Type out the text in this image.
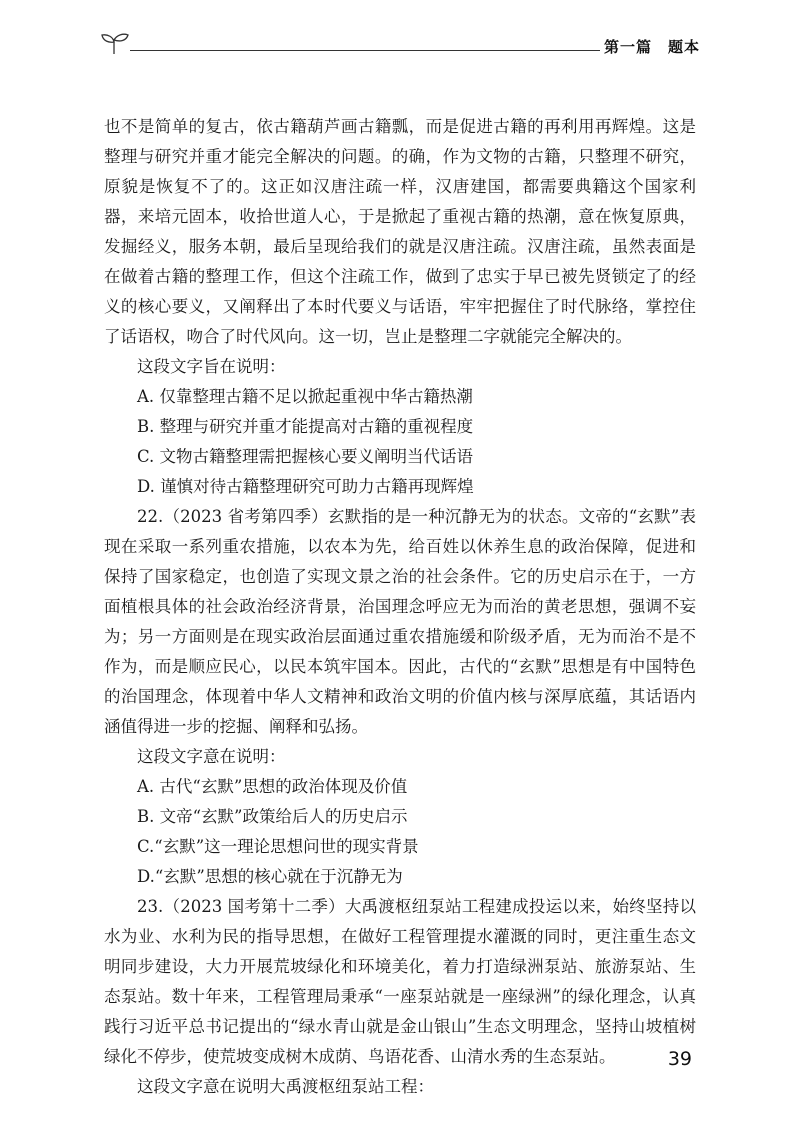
第一篇　题本

也不是简单的复古，依古籍葫芦画古籍瓢，而是促进古籍的再利用再辉煌。这是整理与研究并重才能完全解决的问题。的确，作为文物的古籍，只整理不研究，原貌是恢复不了的。这正如汉唐注疏一样，汉唐建国，都需要典籍这个国家利器，来培元固本，收拾世道人心，于是掀起了重视古籍的热潮，意在恢复原典，发掘经义，服务本朝，最后呈现给我们的就是汉唐注疏。汉唐注疏，虽然表面是在做着古籍的整理工作，但这个注疏工作，做到了忠实于早已被先贤锁定了的经义的核心要义，又阐释出了本时代要义与话语，牢牢把握住了时代脉络，掌控住了话语权，吻合了时代风向。这一切，岂止是整理二字就能完全解决的。

这段文字旨在说明：

A. 仅靠整理古籍不足以掀起重视中华古籍热潮

B. 整理与研究并重才能提高对古籍的重视程度

C. 文物古籍整理需把握核心要义阐明当代话语

D. 谨慎对待古籍整理研究可助力古籍再现辉煌

22.（2023 省考第四季）玄默指的是一种沉静无为的状态。文帝的“玄默”表现在采取一系列重农措施，以农本为先，给百姓以休养生息的政治保障，促进和保持了国家稳定，也创造了实现文景之治的社会条件。它的历史启示在于，一方面植根具体的社会政治经济背景，治国理念呼应无为而治的黄老思想，强调不妄为；另一方面则是在现实政治层面通过重农措施缓和阶级矛盾，无为而治不是不作为，而是顺应民心，以民本筑牢国本。因此，古代的“玄默”思想是有中国特色的治国理念，体现着中华人文精神和政治文明的价值内核与深厚底蕴，其话语内涵值得进一步的挖掘、阐释和弘扬。

这段文字意在说明：

A. 古代“玄默”思想的政治体现及价值

B. 文帝“玄默”政策给后人的历史启示

C.“玄默”这一理论思想问世的现实背景

D.“玄默”思想的核心就在于沉静无为

23.（2023 国考第十二季）大禹渡枢纽泵站工程建成投运以来，始终坚持以水为业、水利为民的指导思想，在做好工程管理提水灌溉的同时，更注重生态文明同步建设，大力开展荒坡绿化和环境美化，着力打造绿洲泵站、旅游泵站、生态泵站。数十年来，工程管理局秉承“一座泵站就是一座绿洲”的绿化理念，认真践行习近平总书记提出的“绿水青山就是金山银山”生态文明理念，坚持山坡植树绿化不停步，使荒坡变成树木成荫、鸟语花香、山清水秀的生态泵站。

这段文字意在说明大禹渡枢纽泵站工程：

39
